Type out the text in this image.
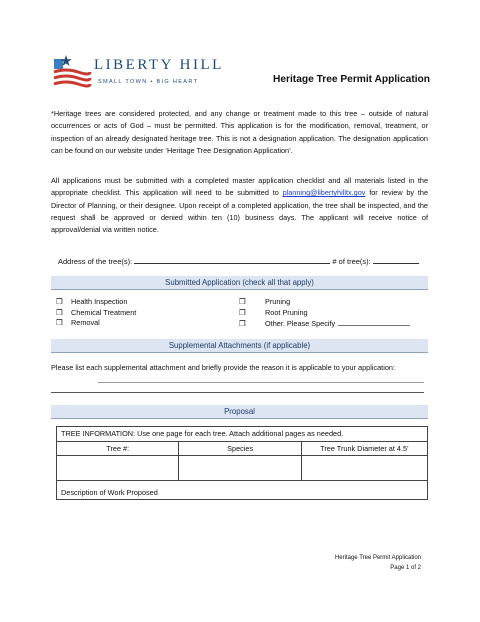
LIBERTY HILL
SMALL TOWN • BIG HEART	Heritage Tree Permit Application
*Heritage trees are considered protected, and any change or treatment made to this tree – outside of natural occurrences or acts of God – must be permitted. This application is for the modification, removal, treatment, or inspection of an already designated heritage tree. This is not a designation application. The designation application can be found on our website under ‘Heritage Tree Designation Application’.
All applications must be submitted with a completed master application checklist and all materials listed in the appropriate checklist. This application will need to be submitted to planning@libertyhilltx.gov for review by the Director of Planning, or their designee. Upon receipt of a completed application, the tree shall be inspected, and the request shall be approved or denied within ten (10) business days. The applicant will receive notice of approval/denial via written notice.
Address of the tree(s):	# of tree(s):
Submitted Application (check all that apply)
❒ Health Inspection
❒ Chemical Treatment
❒ Removal
❒	Pruning
❒	Root Pruning
❒	Other. Please Specify
Supplemental Attachments (if applicable)
Please list each supplemental attachment and briefly provide the reason it is applicable to your application:
Proposal
TREE INFORMATION: Use one page for each tree. Attach additional pages as needed.		
Tree #:	Species	Tree Trunk Diameter at 4.5’

Description of Work Proposed		
Heritage Tree Permit Application
Page 1 of 2
